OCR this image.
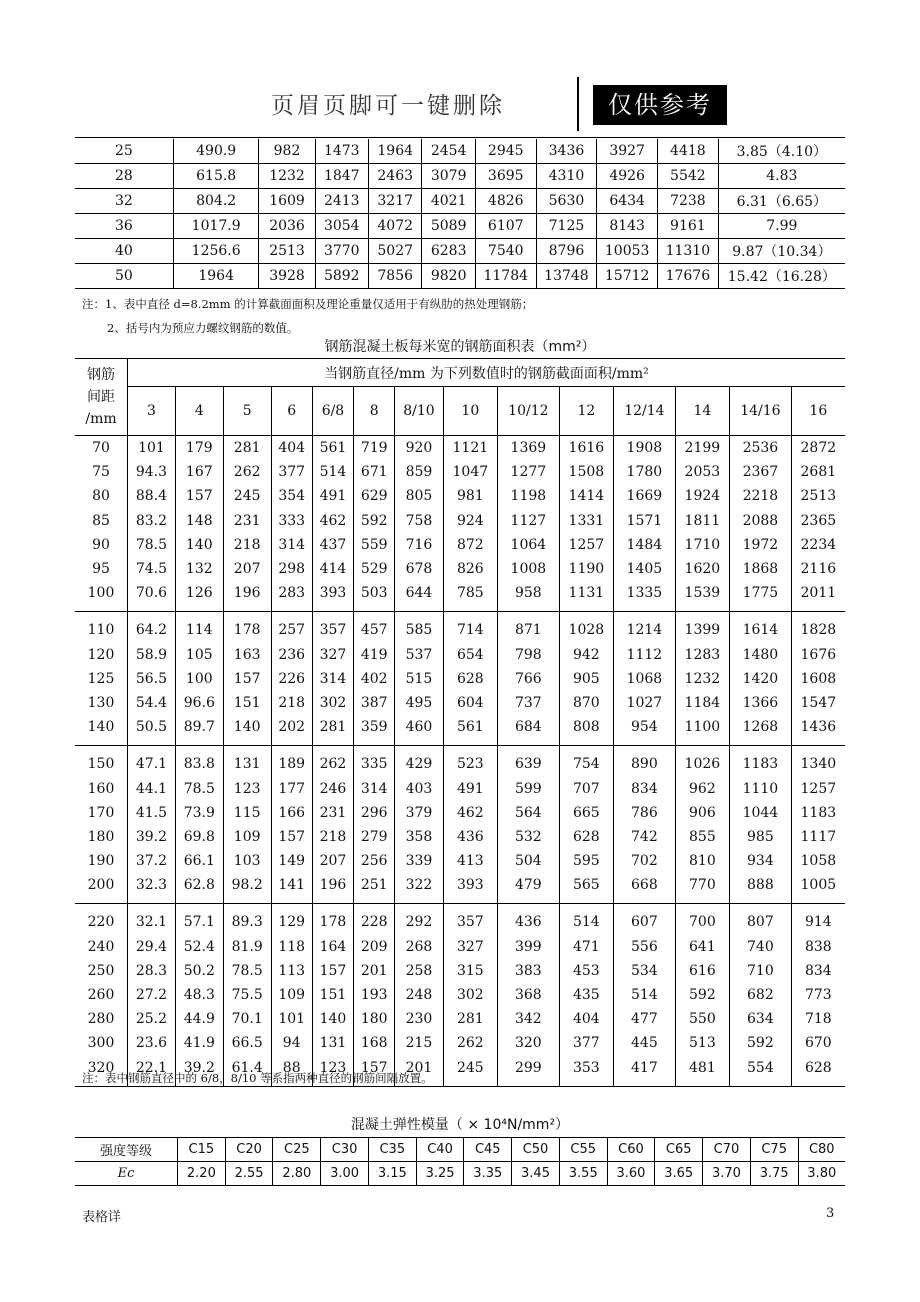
页眉页脚可一键删除	仅供参考
25	490.9	982	1473	1964	2454	2945	3436	3927	4418	3.85（4.10）
28	615.8	1232	1847	2463	3079	3695	4310	4926	5542	4.83
32	804.2	1609	2413	3217	4021	4826	5630	6434	7238	6.31（6.65）
36	1017.9	2036	3054	4072	5089	6107	7125	8143	9161	7.99
40	1256.6	2513	3770	5027	6283	7540	8796	10053	11310	9.87（10.34）
50	1964	3928	5892	7856	9820	11784	13748	15712	17676	15.42（16.28）
注：1、表中直径 d=8.2mm 的计算截面面积及理论重量仅适用于有纵肋的热处理钢筋；
2、括号内为预应力螺纹钢筋的数值。
钢筋混凝土板每米宽的钢筋面积表（mm²）
钢筋
间距
/mm	当钢筋直径/mm 为下列数值时的钢筋截面面积/mm²													
	3	4	5	6	6/8	8	8/10	10	10/12	12	12/14	14	14/16	16
70	101	179	281	404	561	719	920	1121	1369	1616	1908	2199	2536	2872
75	94.3	167	262	377	514	671	859	1047	1277	1508	1780	2053	2367	2681
80	88.4	157	245	354	491	629	805	981	1198	1414	1669	1924	2218	2513
85	83.2	148	231	333	462	592	758	924	1127	1331	1571	1811	2088	2365
90	78.5	140	218	314	437	559	716	872	1064	1257	1484	1710	1972	2234
95	74.5	132	207	298	414	529	678	826	1008	1190	1405	1620	1868	2116
100	70.6	126	196	283	393	503	644	785	958	1131	1335	1539	1775	2011
110	64.2	114	178	257	357	457	585	714	871	1028	1214	1399	1614	1828
120	58.9	105	163	236	327	419	537	654	798	942	1112	1283	1480	1676
125	56.5	100	157	226	314	402	515	628	766	905	1068	1232	1420	1608
130	54.4	96.6	151	218	302	387	495	604	737	870	1027	1184	1366	1547
140	50.5	89.7	140	202	281	359	460	561	684	808	954	1100	1268	1436
150	47.1	83.8	131	189	262	335	429	523	639	754	890	1026	1183	1340
160	44.1	78.5	123	177	246	314	403	491	599	707	834	962	1110	1257
170	41.5	73.9	115	166	231	296	379	462	564	665	786	906	1044	1183
180	39.2	69.8	109	157	218	279	358	436	532	628	742	855	985	1117
190	37.2	66.1	103	149	207	256	339	413	504	595	702	810	934	1058
200	32.3	62.8	98.2	141	196	251	322	393	479	565	668	770	888	1005
220	32.1	57.1	89.3	129	178	228	292	357	436	514	607	700	807	914
240	29.4	52.4	81.9	118	164	209	268	327	399	471	556	641	740	838
250	28.3	50.2	78.5	113	157	201	258	315	383	453	534	616	710	834
260	27.2	48.3	75.5	109	151	193	248	302	368	435	514	592	682	773
280	25.2	44.9	70.1	101	140	180	230	281	342	404	477	550	634	718
300	23.6	41.9	66.5	94	131	168	215	262	320	377	445	513	592	670
320	22.1	39.2	61.4	88	123	157	201	245	299	353	417	481	554	628
注：表中钢筋直径中的 6/8，8/10 等系指两种直径的钢筋间隔放置。
混凝土弹性模量（ × 10⁴N/mm²）
强度等级	C15	C20	C25	C30	C35	C40	C45	C50	C55	C60	C65	C70	C75	C80
Ec	2.20	2.55	2.80	3.00	3.15	3.25	3.35	3.45	3.55	3.60	3.65	3.70	3.75	3.80
表格详	3
